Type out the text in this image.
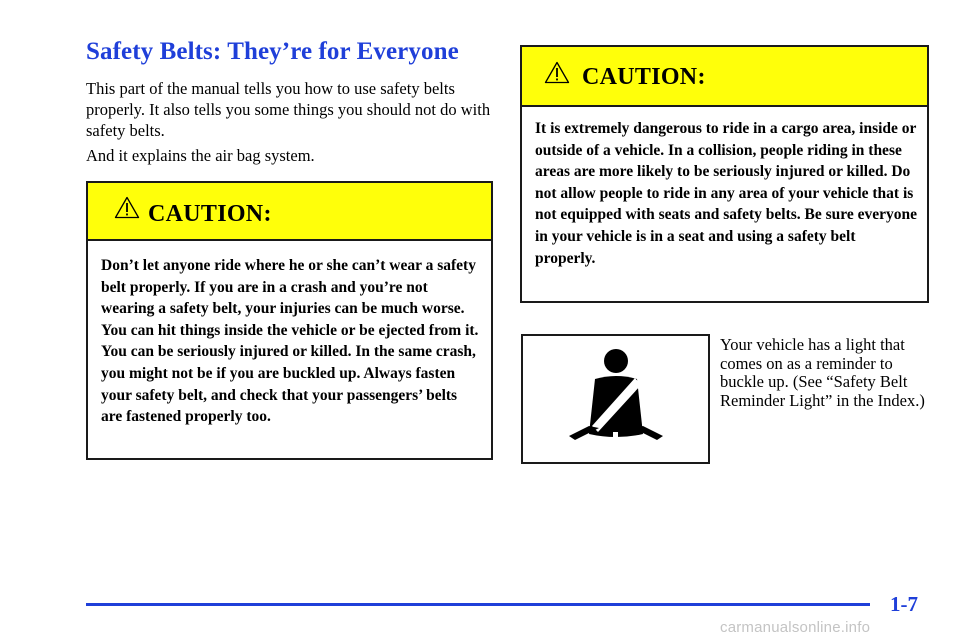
Safety Belts: They’re for Everyone

This part of the manual tells you how to use safety belts properly. It also tells you some things you should not do with safety belts.

And it explains the air bag system.

CAUTION:

Don’t let anyone ride where he or she can’t wear a safety belt properly. If you are in a crash and you’re not wearing a safety belt, your injuries can be much worse. You can hit things inside the vehicle or be ejected from it. You can be seriously injured or killed. In the same crash, you might not be if you are buckled up. Always fasten your safety belt, and check that your passengers’ belts are fastened properly too.

CAUTION:

It is extremely dangerous to ride in a cargo area, inside or outside of a vehicle. In a collision, people riding in these areas are more likely to be seriously injured or killed. Do not allow people to ride in any area of your vehicle that is not equipped with seats and safety belts. Be sure everyone in your vehicle is in a seat and using a safety belt properly.

Your vehicle has a light that comes on as a reminder to buckle up. (See “Safety Belt Reminder Light” in the Index.)

1-7
carmanualsonline.info
